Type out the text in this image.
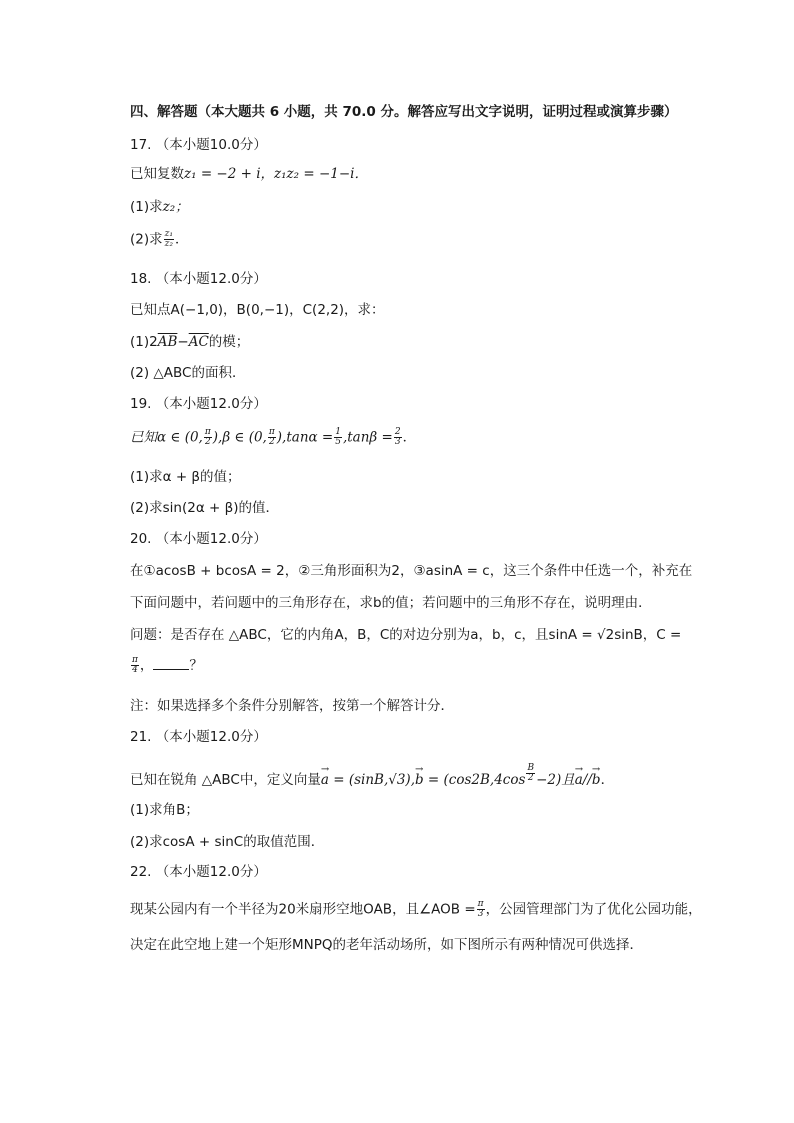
四、解答题（本大题共 6 小题，共 70.0 分。解答应写出文字说明，证明过程或演算步骤）
17. （本小题10.0分）
已知复数z₁ = −2 + i，z₁z₂ = −1−i．
(1)求z₂；
(2)求 $\frac{\text{z₁}}{\text{z₂}}$ ．
18. （本小题12.0分）
已知点A(−1,0)，B(0,−1)，C(2,2)，求：
$(1)2\overline{AB}-\overline{AC}$的模；
(2) △ABC的面积．
19. （本小题12.0分）
已知α ∈ (0, $\frac{\pi}{2} ),\beta$ ∈ (0, $\frac{\pi}{2} ),\tan\alpha = \frac{1}{5} ,\tan\beta = \frac{2}{3}$ ．
(1)求α + β的值；
(2)求sin(2α + β)的值．
20. （本小题12.0分）
在①acosB + bcosA = 2，②三角形面积为2，③asinA = c，这三个条件中任选一个，补充在
下面问题中，若问题中的三角形存在，求b的值；若问题中的三角形不存在，说明理由．
问题：是否存在 △ABC，它的内角A，B，C的对边分别为a，b，c，且sinA = √2sinB，C =
$\frac{\pi}{4}$ ，	？
注：如果选择多个条件分别解答，按第一个解答计分．
21. （本小题12.0分）
已知在锐角 △ABC中，定义向量→ $a = (\sin B,√3),\to b = (\cos 2B,4\cos \frac{B}{2} -2)$且→ a//→ b．
(1)求角B；
(2)求cosA + sinC的取值范围．
22. （本小题12.0分）
现某公园内有一个半径为20米扇形空地OAB，且∠AOB = $\frac{\pi}{3}$ ，公园管理部门为了优化公园功能，
决定在此空地上建一个矩形MNPQ的老年活动场所，如下图所示有两种情况可供选择．
